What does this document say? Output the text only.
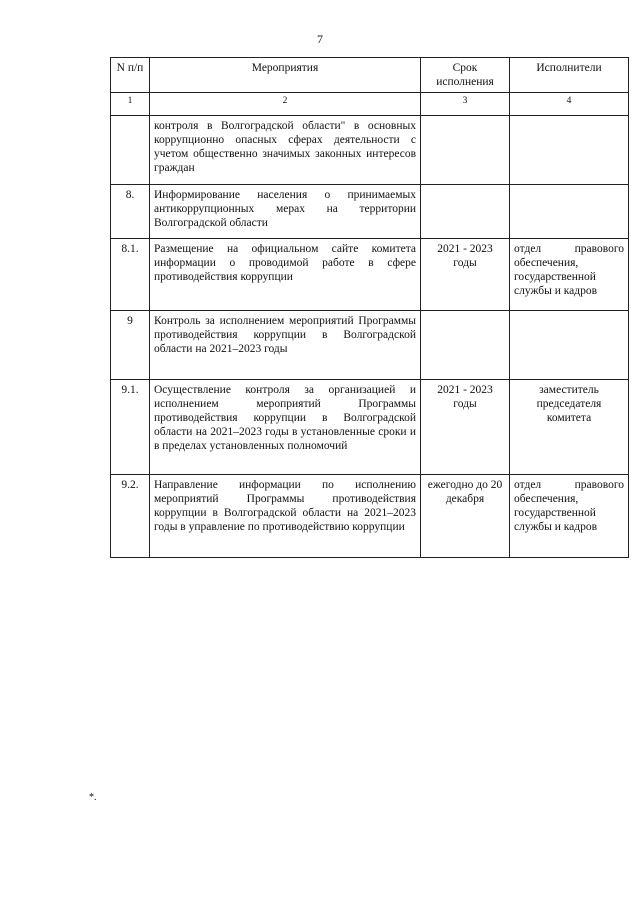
7
N п/п	Мероприятия	Срок исполнения	Исполнители
1	2	3	4
	контроля в Волгоградской области" в основных коррупционно опасных сферах деятельности с учетом общественно значимых законных интересов граждан		
8.	Информирование населения о принимаемых антикоррупционных мерах на территории Волгоградской области		
8.1.	Размещение на официальном сайте комитета информации о проводимой работе в сфере противодействия коррупции	2021 - 2023 годы	отдел правового обеспечения, государственной службы и кадров
9	Контроль за исполнением мероприятий Программы противодействия коррупции в Волгоградской области на 2021–2023 годы		
9.1.	Осуществление контроля за организацией и исполнением мероприятий Программы противодействия коррупции в Волгоградской области на 2021–2023 годы в установленные сроки и в пределах установленных полномочий	2021 - 2023 годы	заместитель председателя комитета
9.2.	Направление информации по исполнению мероприятий Программы противодействия коррупции в Волгоградской области на 2021–2023 годы в управление по противодействию коррупции	ежегодно до 20 декабря	отдел правового обеспечения, государственной службы и кадров
*.
